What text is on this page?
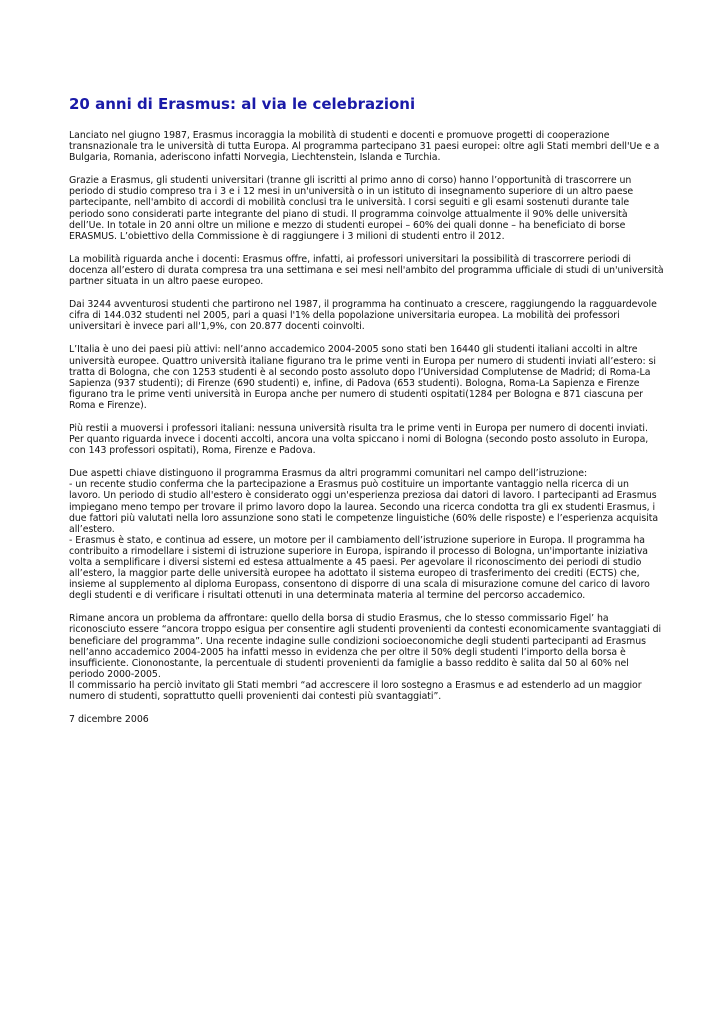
20 anni di Erasmus: al via le celebrazioni
Lanciato nel giugno 1987, Erasmus incoraggia la mobilità di studenti e docenti e promuove progetti di cooperazione
transnazionale tra le università di tutta Europa. Al programma partecipano 31 paesi europei: oltre agli Stati membri dell'Ue e a
Bulgaria, Romania, aderiscono infatti Norvegia, Liechtenstein, Islanda e Turchia.
Grazie a Erasmus, gli studenti universitari (tranne gli iscritti al primo anno di corso) hanno l’opportunità di trascorrere un
periodo di studio compreso tra i 3 e i 12 mesi in un'università o in un istituto di insegnamento superiore di un altro paese
partecipante, nell'ambito di accordi di mobilità conclusi tra le università. I corsi seguiti e gli esami sostenuti durante tale
periodo sono considerati parte integrante del piano di studi. Il programma coinvolge attualmente il 90% delle università
dell’Ue. In totale in 20 anni oltre un milione e mezzo di studenti europei – 60% dei quali donne – ha beneficiato di borse
ERASMUS. L’obiettivo della Commissione è di raggiungere i 3 milioni di studenti entro il 2012.
La mobilità riguarda anche i docenti: Erasmus offre, infatti, ai professori universitari la possibilità di trascorrere periodi di
docenza all’estero di durata compresa tra una settimana e sei mesi nell'ambito del programma ufficiale di studi di un'università
partner situata in un altro paese europeo.
Dai 3244 avventurosi studenti che partirono nel 1987, il programma ha continuato a crescere, raggiungendo la ragguardevole
cifra di 144.032 studenti nel 2005, pari a quasi l'1% della popolazione universitaria europea. La mobilità dei professori
universitari è invece pari all'1,9%, con 20.877 docenti coinvolti.
L’Italia è uno dei paesi più attivi: nell’anno accademico 2004-2005 sono stati ben 16440 gli studenti italiani accolti in altre
università europee. Quattro università italiane figurano tra le prime venti in Europa per numero di studenti inviati all’estero: si
tratta di Bologna, che con 1253 studenti è al secondo posto assoluto dopo l’Universidad Complutense de Madrid; di Roma-La
Sapienza (937 studenti); di Firenze (690 studenti) e, infine, di Padova (653 studenti). Bologna, Roma-La Sapienza e Firenze
figurano tra le prime venti università in Europa anche per numero di studenti ospitati(1284 per Bologna e 871 ciascuna per
Roma e Firenze).
Più restii a muoversi i professori italiani: nessuna università risulta tra le prime venti in Europa per numero di docenti inviati.
Per quanto riguarda invece i docenti accolti, ancora una volta spiccano i nomi di Bologna (secondo posto assoluto in Europa,
con 143 professori ospitati), Roma, Firenze e Padova.
Due aspetti chiave distinguono il programma Erasmus da altri programmi comunitari nel campo dell’istruzione:
- un recente studio conferma che la partecipazione a Erasmus può costituire un importante vantaggio nella ricerca di un
lavoro. Un periodo di studio all'estero è considerato oggi un'esperienza preziosa dai datori di lavoro. I partecipanti ad Erasmus
impiegano meno tempo per trovare il primo lavoro dopo la laurea. Secondo una ricerca condotta tra gli ex studenti Erasmus, i
due fattori più valutati nella loro assunzione sono stati le competenze linguistiche (60% delle risposte) e l’esperienza acquisita
all’estero.
- Erasmus è stato, e continua ad essere, un motore per il cambiamento dell’istruzione superiore in Europa. Il programma ha
contribuito a rimodellare i sistemi di istruzione superiore in Europa, ispirando il processo di Bologna, un'importante iniziativa
volta a semplificare i diversi sistemi ed estesa attualmente a 45 paesi. Per agevolare il riconoscimento dei periodi di studio
all’estero, la maggior parte delle università europee ha adottato il sistema europeo di trasferimento dei crediti (ECTS) che,
insieme al supplemento al diploma Europass, consentono di disporre di una scala di misurazione comune del carico di lavoro
degli studenti e di verificare i risultati ottenuti in una determinata materia al termine del percorso accademico.
Rimane ancora un problema da affrontare: quello della borsa di studio Erasmus, che lo stesso commissario Figel’ ha
riconosciuto essere “ancora troppo esigua per consentire agli studenti provenienti da contesti economicamente svantaggiati di
beneficiare del programma”. Una recente indagine sulle condizioni socioeconomiche degli studenti partecipanti ad Erasmus
nell’anno accademico 2004-2005 ha infatti messo in evidenza che per oltre il 50% degli studenti l’importo della borsa è
insufficiente. Ciononostante, la percentuale di studenti provenienti da famiglie a basso reddito è salita dal 50 al 60% nel
periodo 2000-2005.
Il commissario ha perciò invitato gli Stati membri “ad accrescere il loro sostegno a Erasmus e ad estenderlo ad un maggior
numero di studenti, soprattutto quelli provenienti dai contesti più svantaggiati”.
7 dicembre 2006
